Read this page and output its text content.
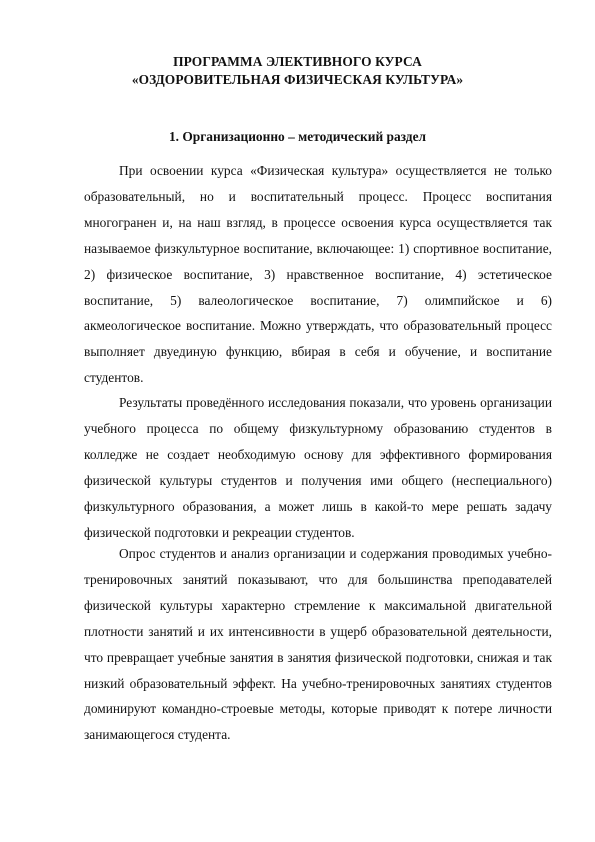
ПРОГРАММА ЭЛЕКТИВНОГО КУРСА
«ОЗДОРОВИТЕЛЬНАЯ ФИЗИЧЕСКАЯ КУЛЬТУРА»
1. Организационно – методический раздел

При освоении курса «Физическая культура» осуществляется не только образовательный, но и воспитательный процесс. Процесс воспитания многогранен и, на наш взгляд, в процессе освоения курса осуществляется так называемое физкультурное воспитание, включающее: 1) спортивное воспитание, 2) физическое воспитание, 3) нравственное воспитание, 4) эстетическое воспитание, 5) валеологическое воспитание, 7) олимпийское и 6) акмеологическое воспитание. Можно утверждать, что образовательный процесс выполняет двуединую функцию, вбирая в себя и обучение, и воспитание студентов.

Результаты проведённого исследования показали, что уровень организации учебного процесса по общему физкультурному образованию студентов в колледже не создает необходимую основу для эффективного формирования физической культуры студентов и получения ими общего (неспециального) физкультурного образования, а может лишь в какой-то мере решать задачу физической подготовки и рекреации студентов.

Опрос студентов и анализ организации и содержания проводимых учебно-тренировочных занятий показывают, что для большинства преподавателей физической культуры характерно стремление к максимальной двигательной плотности занятий и их интенсивности в ущерб образовательной деятельности, что превращает учебные занятия в занятия физической подготовки, снижая и так низкий образовательный эффект. На учебно-тренировочных занятиях студентов доминируют командно-строевые методы, которые приводят к потере личности занимающегося студента.
